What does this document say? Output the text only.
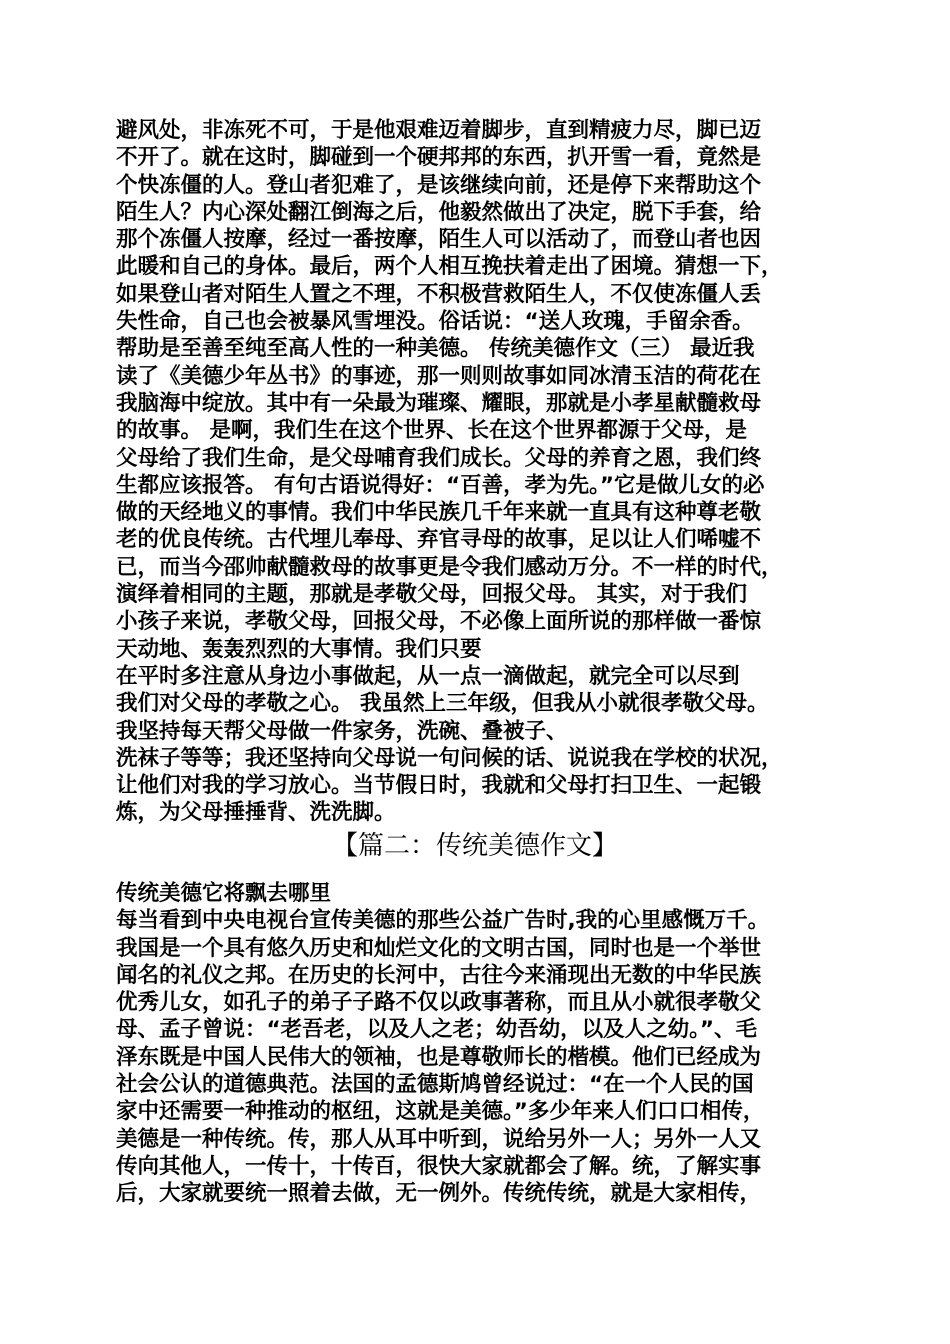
避风处，非冻死不可，于是他艰难迈着脚步，直到精疲力尽，脚已迈
不开了。就在这时，脚碰到一个硬邦邦的东西，扒开雪一看，竟然是
个快冻僵的人。登山者犯难了，是该继续向前，还是停下来帮助这个
陌生人？内心深处翻江倒海之后，他毅然做出了决定，脱下手套，给
那个冻僵人按摩，经过一番按摩，陌生人可以活动了，而登山者也因
此暖和自己的身体。最后，两个人相互挽扶着走出了困境。猜想一下，
如果登山者对陌生人置之不理，不积极营救陌生人，不仅使冻僵人丢
失性命，自己也会被暴风雪埋没。俗话说：“送人玫瑰，手留余香。
帮助是至善至纯至高人性的一种美德。 传统美德作文（三） 最近我
读了《美德少年丛书》的事迹，那一则则故事如同冰清玉洁的荷花在
我脑海中绽放。其中有一朵最为璀璨、耀眼，那就是小孝星献髓救母
的故事。 是啊，我们生在这个世界、长在这个世界都源于父母，是
父母给了我们生命，是父母哺育我们成长。父母的养育之恩，我们终
生都应该报答。 有句古语说得好：“百善，孝为先。”它是做儿女的必
做的天经地义的事情。我们中华民族几千年来就一直具有这种尊老敬
老的优良传统。古代埋儿奉母、弃官寻母的故事，足以让人们唏嘘不
已，而当今邵帅献髓救母的故事更是令我们感动万分。不一样的时代，
演绎着相同的主题，那就是孝敬父母，回报父母。 其实，对于我们
小孩子来说，孝敬父母，回报父母，不必像上面所说的那样做一番惊
天动地、轰轰烈烈的大事情。我们只要
在平时多注意从身边小事做起，从一点一滴做起，就完全可以尽到
我们对父母的孝敬之心。 我虽然上三年级，但我从小就很孝敬父母。
我坚持每天帮父母做一件家务，洗碗、叠被子、
洗袜子等等；我还坚持向父母说一句问候的话、说说我在学校的状况，
让他们对我的学习放心。当节假日时，我就和父母打扫卫生、一起锻
炼，为父母捶捶背、洗洗脚。
【篇二：传统美德作文】
传统美德它将飘去哪里
每当看到中央电视台宣传美德的那些公益广告时,我的心里感慨万千。
我国是一个具有悠久历史和灿烂文化的文明古国，同时也是一个举世
闻名的礼仪之邦。在历史的长河中，古往今来涌现出无数的中华民族
优秀儿女，如孔子的弟子子路不仅以政事著称，而且从小就很孝敬父
母、孟子曾说：“老吾老，以及人之老；幼吾幼，以及人之幼。”、毛
泽东既是中国人民伟大的领袖，也是尊敬师长的楷模。他们已经成为
社会公认的道德典范。法国的孟德斯鸠曾经说过：“在一个人民的国
家中还需要一种推动的枢纽，这就是美德。”多少年来人们口口相传，
美德是一种传统。传，那人从耳中听到，说给另外一人；另外一人又
传向其他人，一传十，十传百，很快大家就都会了解。统，了解实事
后，大家就要统一照着去做，无一例外。传统传统，就是大家相传，
